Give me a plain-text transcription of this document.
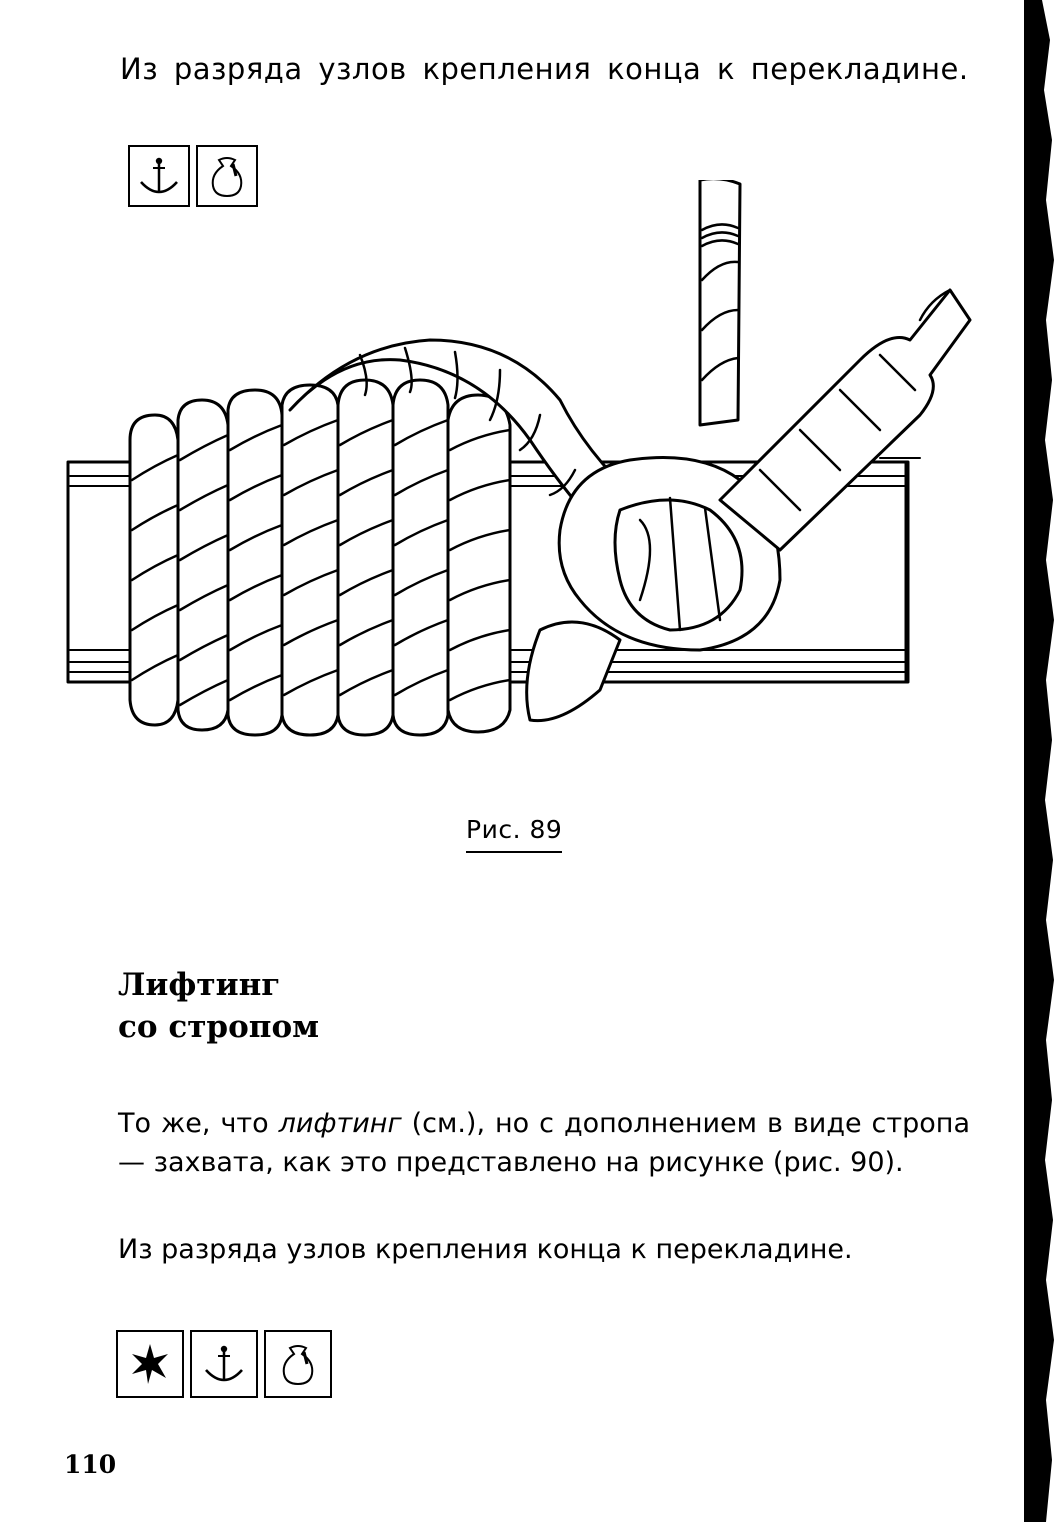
Из разряда узлов крепления конца к перекладине.
Рис. 89
Лифтинг
со стропом
То же, что лифтинг (см.), но с дополнением в виде стропа — захвата, как это представлено на рисунке (рис. 90).
Из разряда узлов крепления конца к перекладине.
110
